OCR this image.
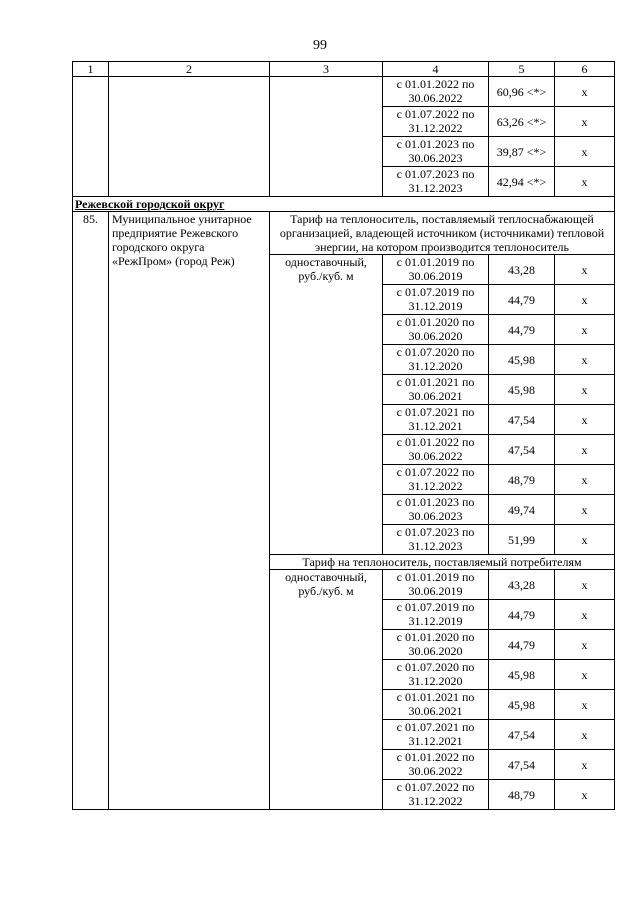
99
1	2	3	4	5	6
			с 01.01.2022 по 30.06.2022	60,96 <*>	x
			с 01.07.2022 по 31.12.2022	63,26 <*>	x
			с 01.01.2023 по 30.06.2023	39,87 <*>	x
			с 01.07.2023 по 31.12.2023	42,94 <*>	x
Режевской городской округ					
85.	Муниципальное унитарное предприятие Режевского городского округа «РежПром» (город Реж)	Тариф на теплоноситель, поставляемый теплоснабжающей организацией, владеющей источником (источниками) тепловой энергии, на котором производится теплоноситель			
		одноставочный, руб./куб. м	с 01.01.2019 по 30.06.2019	43,28	x
			с 01.07.2019 по 31.12.2019	44,79	x
			с 01.01.2020 по 30.06.2020	44,79	x
			с 01.07.2020 по 31.12.2020	45,98	x
			с 01.01.2021 по 30.06.2021	45,98	x
			с 01.07.2021 по 31.12.2021	47,54	x
			с 01.01.2022 по 30.06.2022	47,54	x
			с 01.07.2022 по 31.12.2022	48,79	x
			с 01.01.2023 по 30.06.2023	49,74	x
			с 01.07.2023 по 31.12.2023	51,99	x
		Тариф на теплоноситель, поставляемый потребителям			
		одноставочный, руб./куб. м	с 01.01.2019 по 30.06.2019	43,28	x
			с 01.07.2019 по 31.12.2019	44,79	x
			с 01.01.2020 по 30.06.2020	44,79	x
			с 01.07.2020 по 31.12.2020	45,98	x
			с 01.01.2021 по 30.06.2021	45,98	x
			с 01.07.2021 по 31.12.2021	47,54	x
			с 01.01.2022 по 30.06.2022	47,54	x
			с 01.07.2022 по 31.12.2022	48,79	x
